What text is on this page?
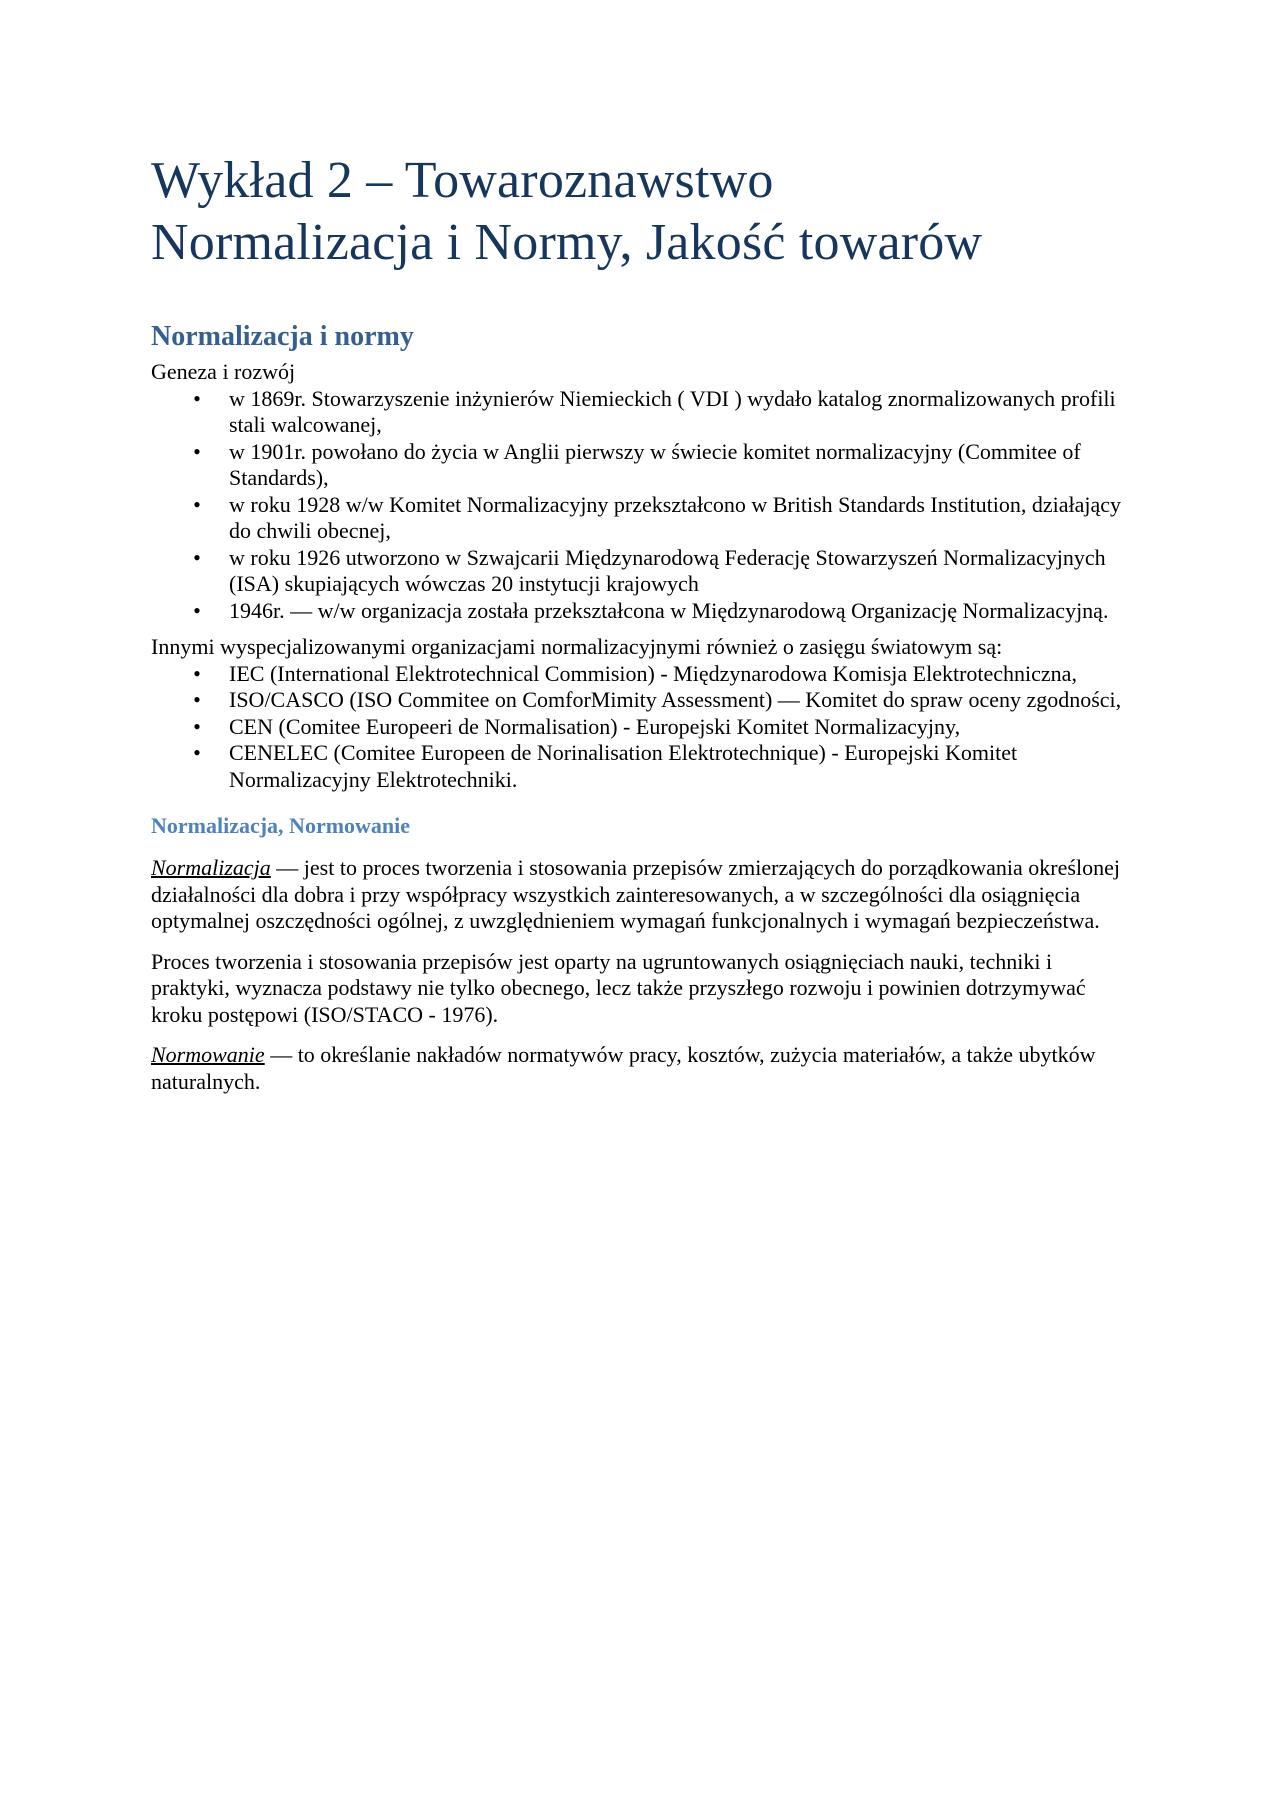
Wykład 2 – Towaroznawstwo
Normalizacja i Normy, Jakość towarów
Normalizacja i normy
Geneza i rozwój
• w 1869r. Stowarzyszenie inżynierów Niemieckich ( VDI ) wydało katalog znormalizowanych profili stali walcowanej,
• w 1901r. powołano do życia w Anglii pierwszy w świecie komitet normalizacyjny (Commitee of Standards),
• w roku 1928 w/w Komitet Normalizacyjny przekształcono w British Standards Institution, działający do chwili obecnej,
• w roku 1926 utworzono w Szwajcarii Międzynarodową Federację Stowarzyszeń Normalizacyjnych (ISA) skupiających wówczas 20 instytucji krajowych
• 1946r. — w/w organizacja została przekształcona w Międzynarodową Organizację Normalizacyjną.
Innymi wyspecjalizowanymi organizacjami normalizacyjnymi również o zasięgu światowym są:
• IEC (International Elektrotechnical Commision) - Międzynarodowa Komisja Elektrotechniczna,
• ISO/CASCO (ISO Commitee on ComforMimity Assessment) — Komitet do spraw oceny zgodności,
• CEN (Comitee Europeeri de Normalisation) - Europejski Komitet Normalizacyjny,
• CENELEC (Comitee Europeen de Norinalisation Elektrotechnique) - Europejski Komitet Normalizacyjny Elektrotechniki.
Normalizacja, Normowanie

Normalizacja — jest to proces tworzenia i stosowania przepisów zmierzających do porządkowania określonej działalności dla dobra i przy współpracy wszystkich zainteresowanych, a w szczególności dla osiągnięcia optymalnej oszczędności ogólnej, z uwzględnieniem wymagań funkcjonalnych i wymagań bezpieczeństwa.

Proces tworzenia i stosowania przepisów jest oparty na ugruntowanych osiągnięciach nauki, techniki i praktyki, wyznacza podstawy nie tylko obecnego, lecz także przyszłego rozwoju i powinien dotrzymywać kroku postępowi (ISO/STACO - 1976).

Normowanie — to określanie nakładów normatywów pracy, kosztów, zużycia materiałów, a także ubytków naturalnych.
